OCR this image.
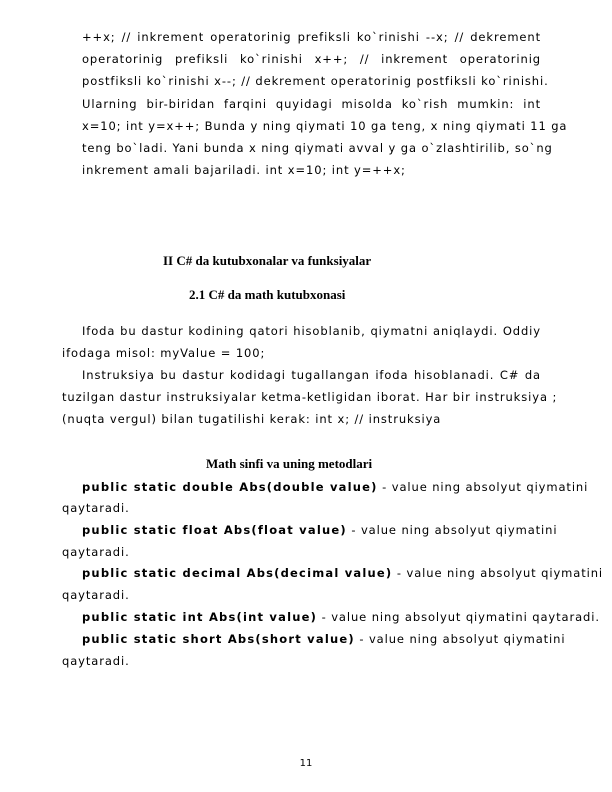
++x; // inkrement operatorinig prefiksli ko`rinishi --x; // dekrement
operatorinig prefiksli ko`rinishi x++; // inkrement operatorinig
postfiksli ko`rinishi x--; // dekrement operatorinig postfiksli ko`rinishi.
Ularning bir-biridan farqini quyidagi misolda ko`rish mumkin: int
x=10; int y=x++; Bunda y ning qiymati 10 ga teng, x ning qiymati 11 ga
teng bo`ladi. Yani bunda x ning qiymati avval y ga o`zlashtirilib, so`ng
inkrement amali bajariladi. int x=10; int y=++x;
II C# da kutubxonalar va funksiyalar
2.1 C# da math kutubxonasi
Ifoda bu dastur kodining qatori hisoblanib, qiymatni aniqlaydi. Oddiy
ifodaga misol: myValue = 100;
Instruksiya bu dastur kodidagi tugallangan ifoda hisoblanadi. C# da
tuzilgan dastur instruksiyalar ketma-ketligidan iborat. Har bir instruksiya ;
(nuqta vergul) bilan tugatilishi kerak: int x; // instruksiya
Math sinfi va uning metodlari
public static double Abs(double value) - value ning absolyut qiymatini
qaytaradi.
public static float Abs(float value) - value ning absolyut qiymatini
qaytaradi.
public static decimal Abs(decimal value) - value ning absolyut qiymatini
qaytaradi.
public static int Abs(int value) - value ning absolyut qiymatini qaytaradi.
public static short Abs(short value) - value ning absolyut qiymatini
qaytaradi.
11
